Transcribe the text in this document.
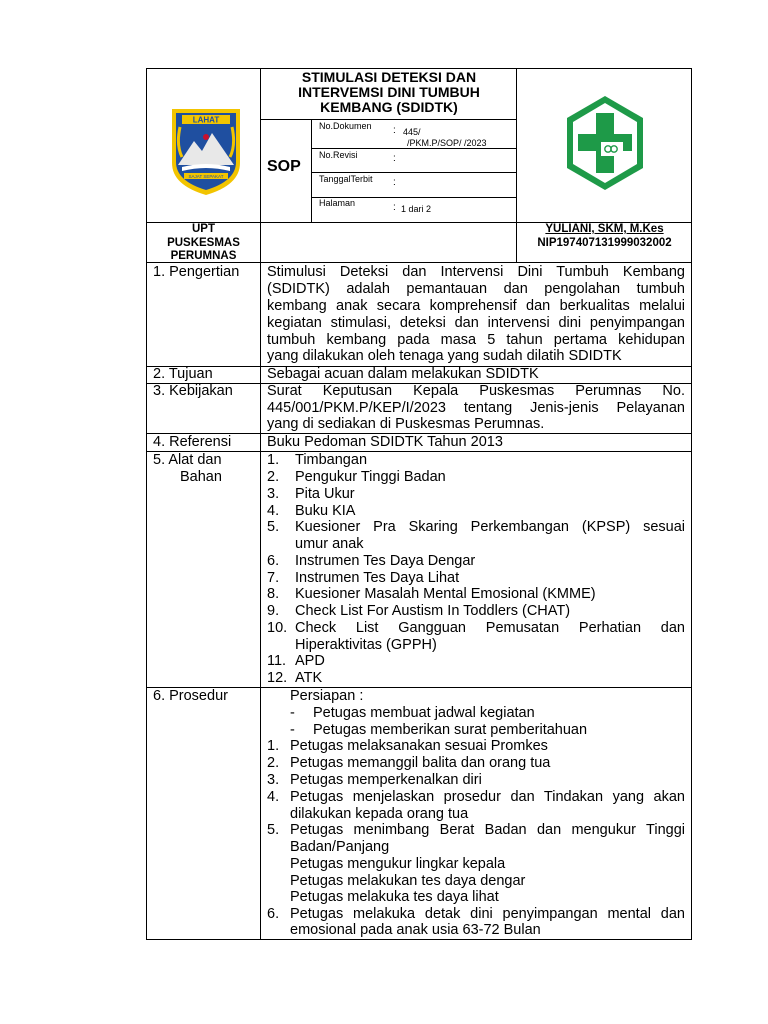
LAHAT
SAJAT SEPAKAT
STIMULASI DETEKSI DAN
INTERVEMSI DINI TUMBUH
KEMBANG (SDIDTK)
SOP
No.Dokumen : 445/
/PKM.P/SOP/ /2023
No.Revisi	:
TanggalTerbit :
Halaman	: 1 dari 2
UPT
PUSKESMAS
PERUMNAS
YULIANI, SKM, M.Kes
NIP197407131999032002
1. Pengertian Stimulusi Deteksi dan Intervensi Dini Tumbuh Kembang
(SDIDTK) adalah pemantauan dan pengolahan tumbuh
kembang anak secara komprehensif dan berkualitas melalui
kegiatan stimulasi, deteksi dan intervensi dini penyimpangan
tumbuh kembang pada masa 5 tahun pertama kehidupan
yang dilakukan oleh tenaga yang sudah dilatih SDIDTK
2. Tujuan	Sebagai acuan dalam melakukan SDIDTK
3. Kebijakan Surat Keputusan Kepala Puskesmas Perumnas No.
445/001/PKM.P/KEP/I/2023 tentang Jenis-jenis Pelayanan
yang di sediakan di Puskesmas Perumnas.
4. Referensi Buku Pedoman SDIDTK Tahun 2013
5. Alat dan
Bahan
1. Timbangan
2. Pengukur Tinggi Badan
3. Pita Ukur
4. Buku KIA
5. Kuesioner Pra Skaring Perkembangan (KPSP) sesuai
umur anak
6. Instrumen Tes Daya Dengar
7. Instrumen Tes Daya Lihat
8. Kuesioner Masalah Mental Emosional (KMME)
9. Check List For Austism In Toddlers (CHAT)
10. Check List Gangguan Pemusatan Perhatian dan
Hiperaktivitas (GPPH)
11. APD
12. ATK
6. Prosedur	Persiapan :
- Petugas membuat jadwal kegiatan
- Petugas memberikan surat pemberitahuan
1. Petugas melaksanakan sesuai Promkes
2. Petugas memanggil balita dan orang tua
3. Petugas memperkenalkan diri
4. Petugas menjelaskan prosedur dan Tindakan yang akan
dilakukan kepada orang tua
5. Petugas menimbang Berat Badan dan mengukur Tinggi
Badan/Panjang
Petugas mengukur lingkar kepala
Petugas melakukan tes daya dengar
Petugas melakuka tes daya lihat
6. Petugas melakuka detak dini penyimpangan mental dan
emosional pada anak usia 63-72 Bulan
